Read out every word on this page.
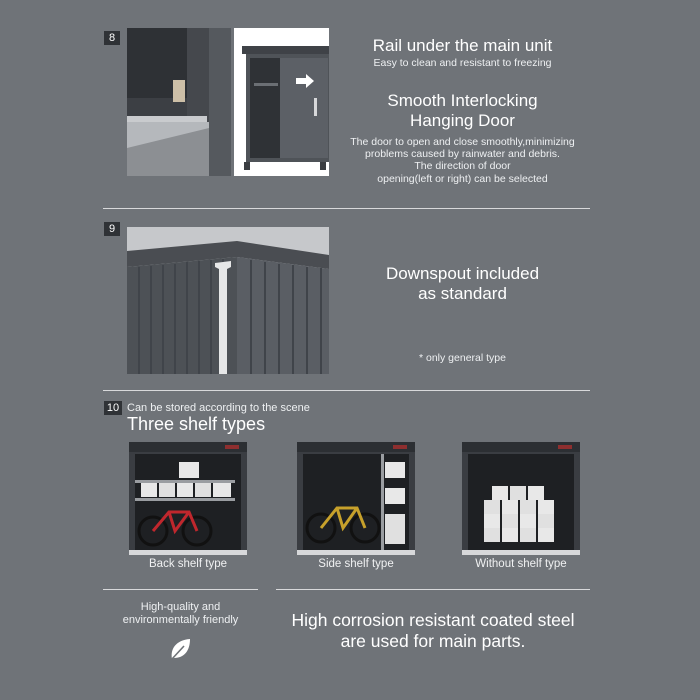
8	Rail under the main unit
Easy to clean and resistant to freezing
Smooth Interlocking
Hanging Door
The door to open and close smoothly,minimizing
problems caused by rainwater and debris.
The direction of door
opening(left or right) can be selected
9
Downspout included
as standard
* only general type
10 Can be stored according to the scene
Three shelf types
Back shelf type	Side shelf type	Without shelf type
High-quality and
environmentally friendly	High corrosion resistant coated steel
are used for main parts.
